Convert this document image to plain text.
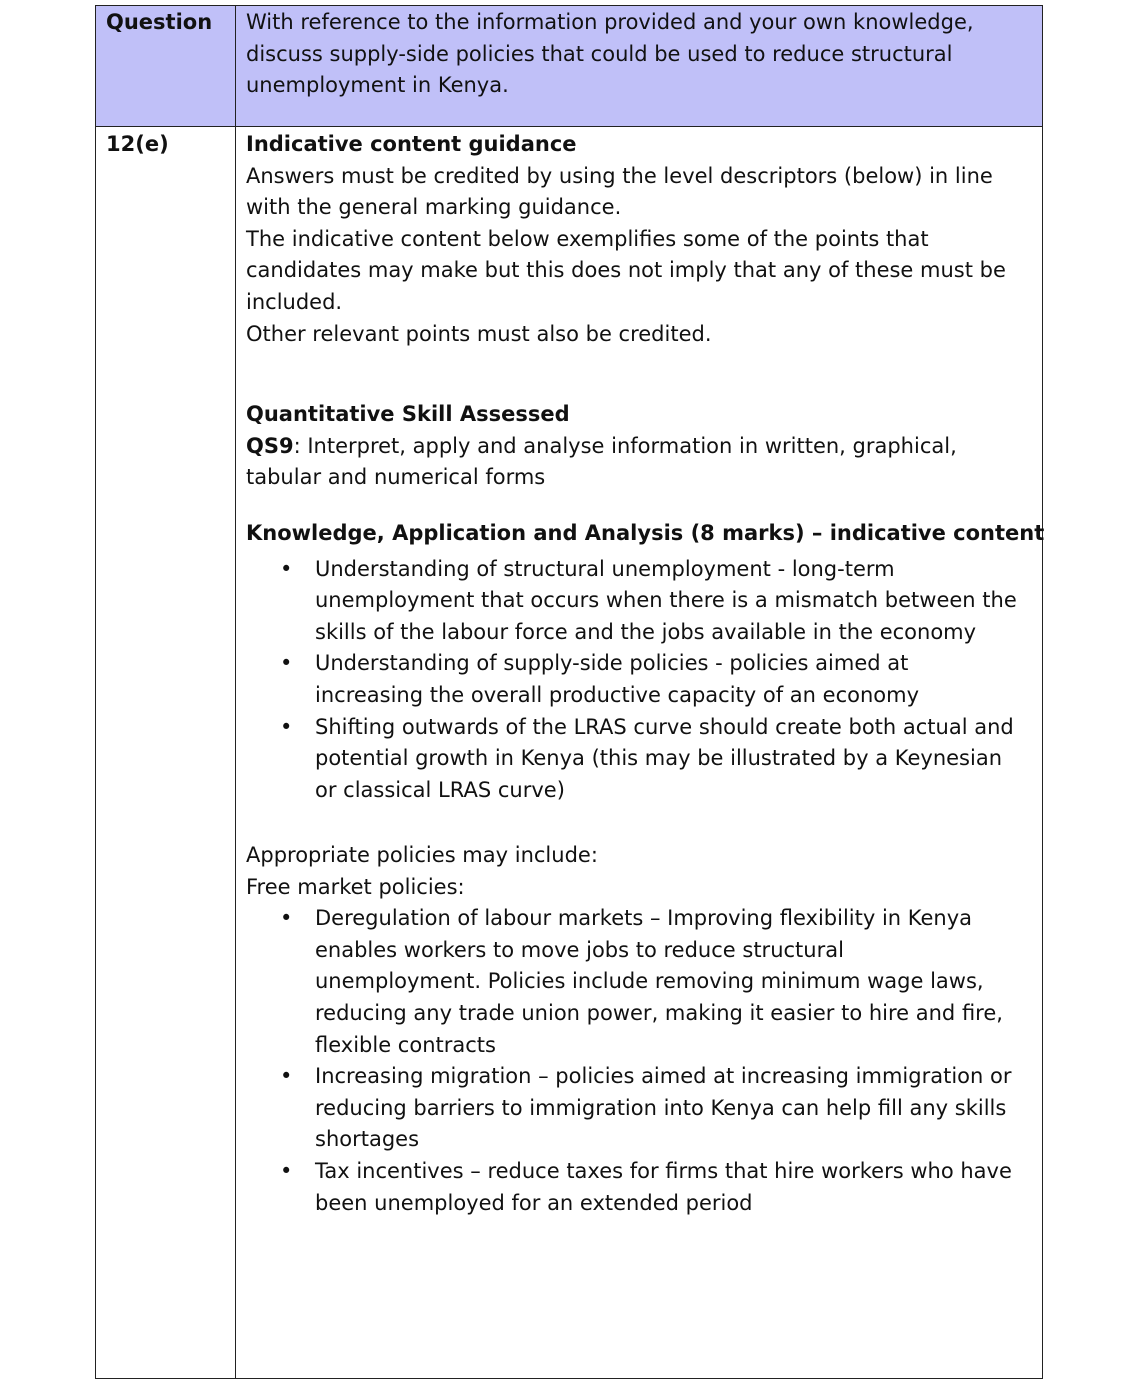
Question With reference to the information provided and your own knowledge,
discuss supply-side policies that could be used to reduce structural
unemployment in Kenya.
12(e)	Indicative content guidance
Answers must be credited by using the level descriptors (below) in line
with the general marking guidance.
The indicative content below exemplifies some of the points that
candidates may make but this does not imply that any of these must be
included.
Other relevant points must also be credited.
Quantitative Skill Assessed
QS9: Interpret, apply and analyse information in written, graphical,
tabular and numerical forms
Knowledge, Application and Analysis (8 marks) – indicative content
• Understanding of structural unemployment - long-term
unemployment that occurs when there is a mismatch between the
skills of the labour force and the jobs available in the economy
• Understanding of supply-side policies - policies aimed at
increasing the overall productive capacity of an economy
• Shifting outwards of the LRAS curve should create both actual and
potential growth in Kenya (this may be illustrated by a Keynesian
or classical LRAS curve)
Appropriate policies may include:
Free market policies:
• Deregulation of labour markets – Improving flexibility in Kenya
enables workers to move jobs to reduce structural
unemployment. Policies include removing minimum wage laws,
reducing any trade union power, making it easier to hire and fire,
flexible contracts
• Increasing migration – policies aimed at increasing immigration or
reducing barriers to immigration into Kenya can help fill any skills
shortages
• Tax incentives – reduce taxes for firms that hire workers who have
been unemployed for an extended period
